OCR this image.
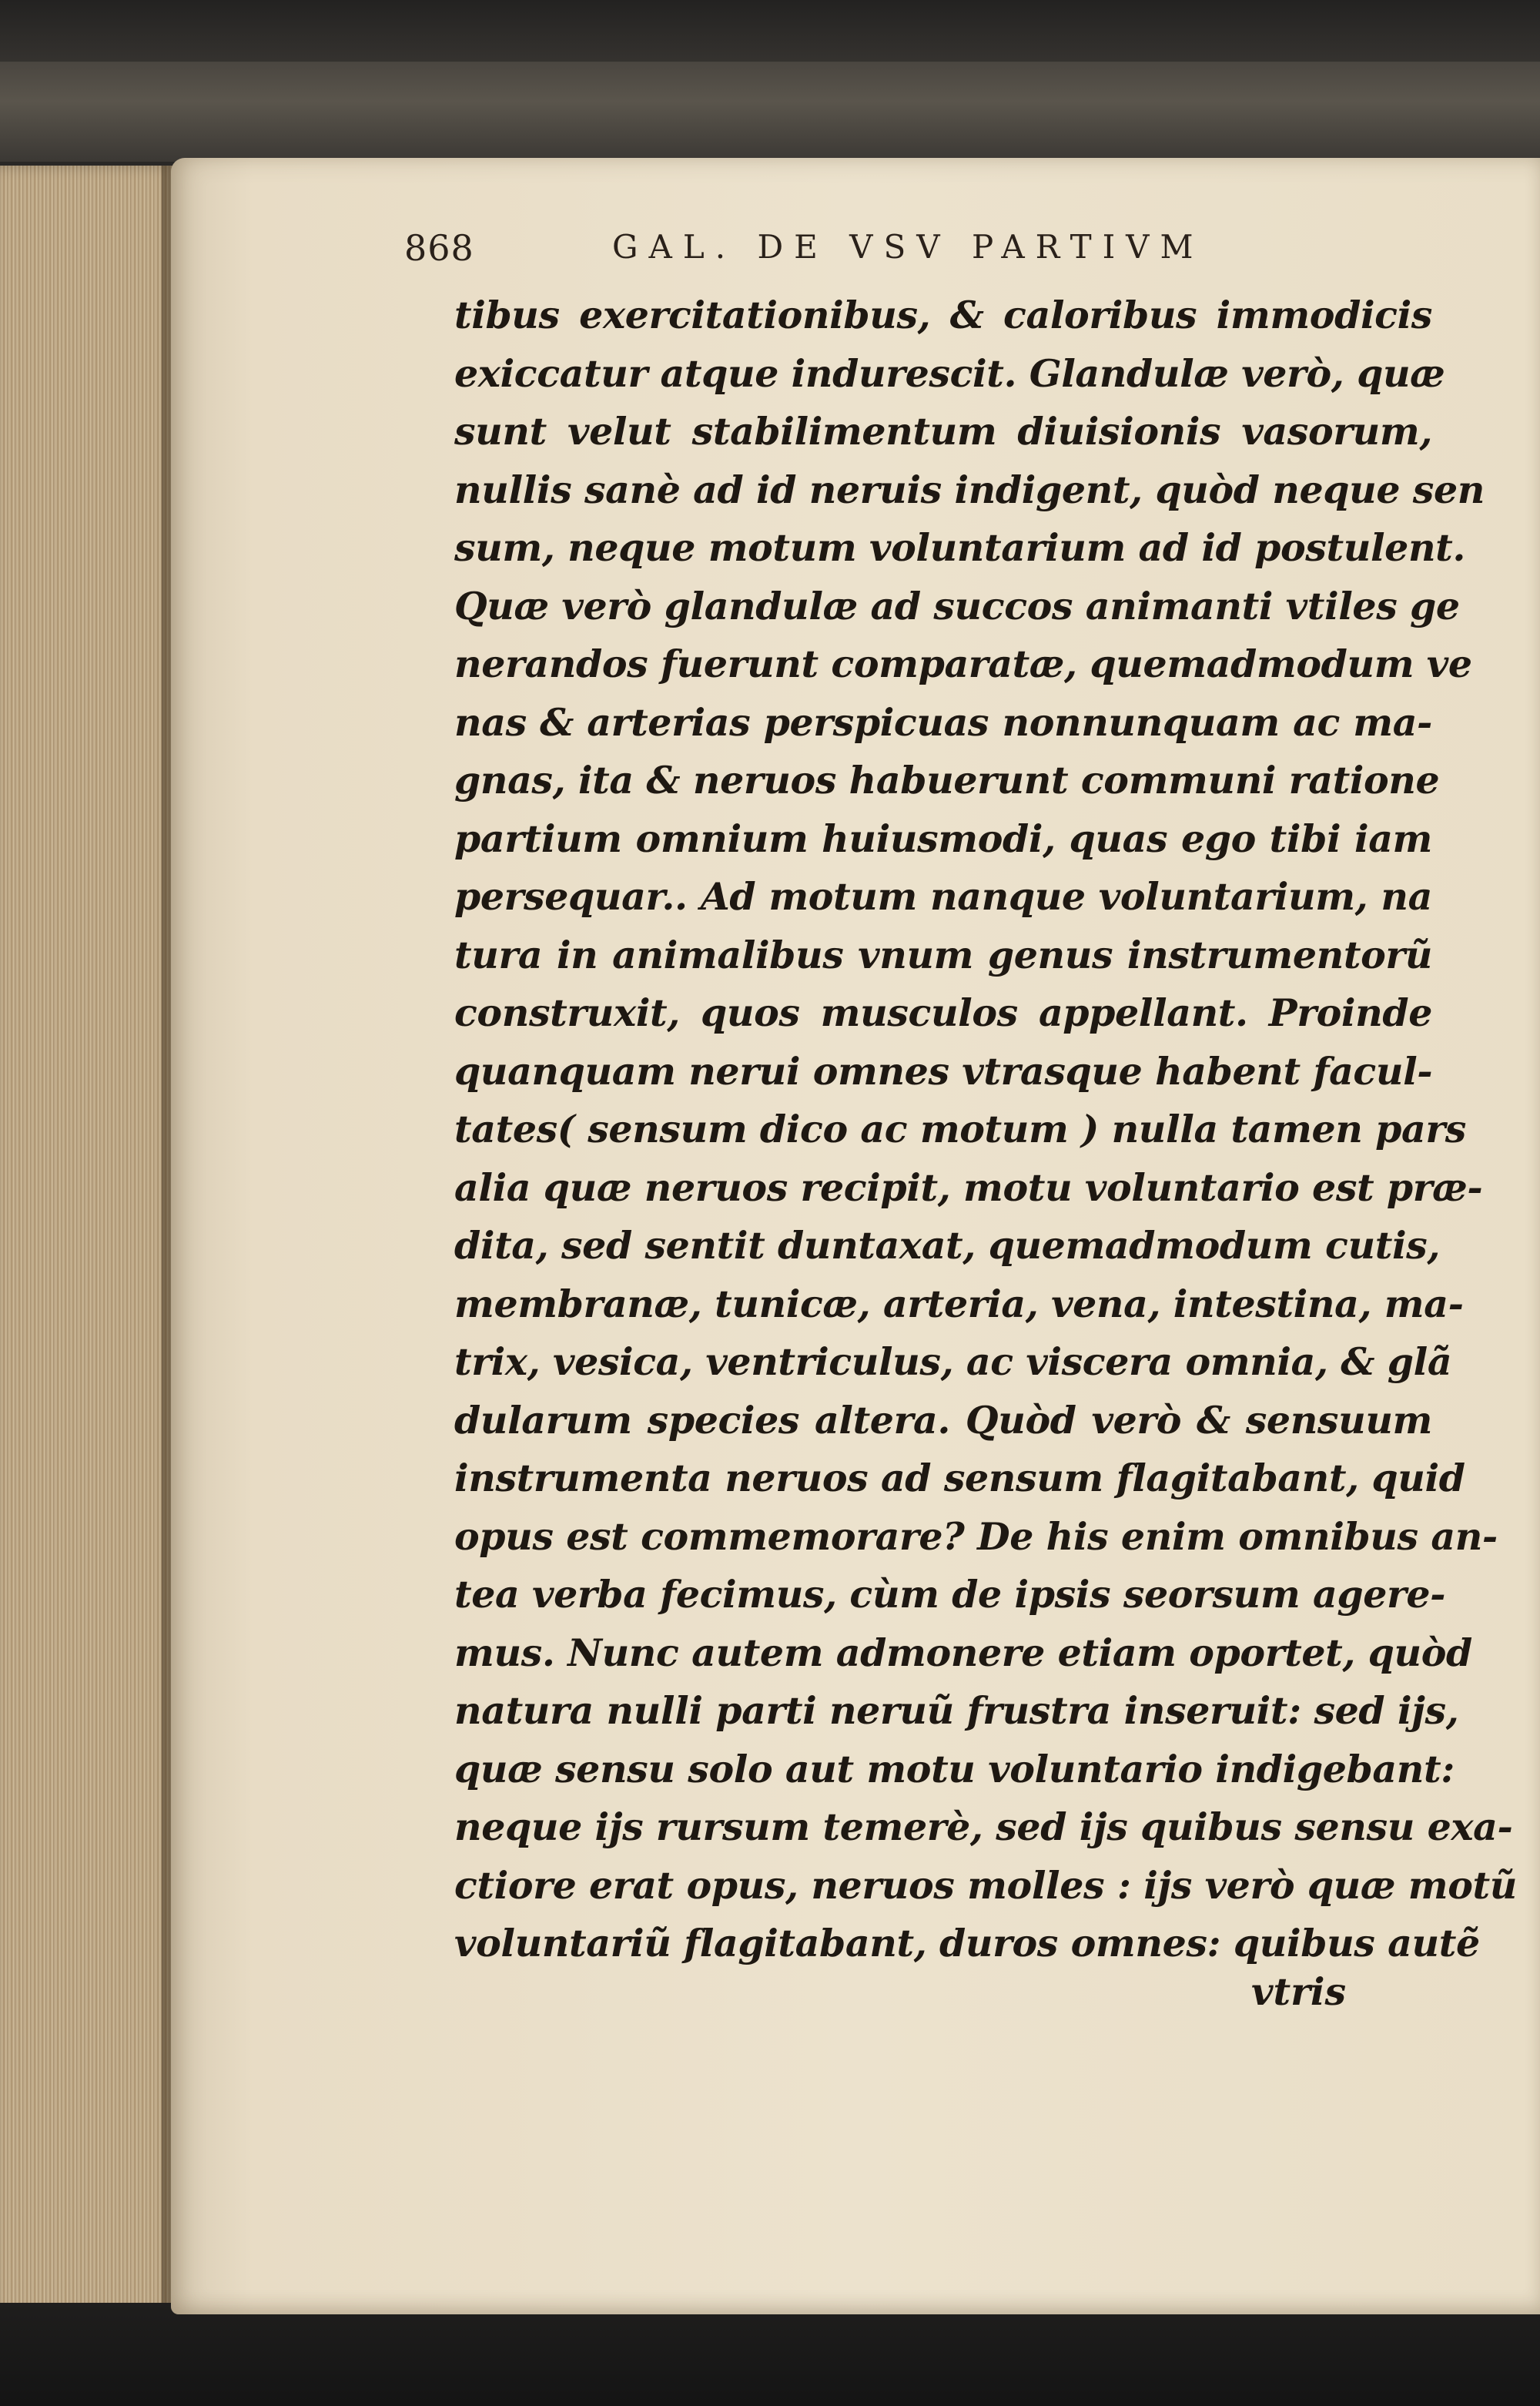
868	GAL. DE VSV PARTIVM
tibus exercitationibus, & caloribus immodicis
exiccatur atque indurescit. Glandulæ verò, quæ
sunt velut stabilimentum diuisionis vasorum,
nullis sanè ad id neruis indigent, quòd neque sen
sum, neque motum voluntarium ad id postulent.
Quæ verò glandulæ ad succos animanti vtiles ge
nerandos fuerunt comparatæ, quemadmodum ve
nas & arterias perspicuas nonnunquam ac ma-
gnas, ita & neruos habuerunt communi ratione
partium omnium huiusmodi, quas ego tibi iam
persequar.. Ad motum nanque voluntarium, na
tura in animalibus vnum genus instrumentorũ
construxit, quos musculos appellant. Proinde
quanquam nerui omnes vtrasque habent facul-
tates( sensum dico ac motum ) nulla tamen pars
alia quæ neruos recipit, motu voluntario est præ-
dita, sed sentit duntaxat, quemadmodum cutis,
membranæ, tunicæ, arteria, vena, intestina, ma-
trix, vesica, ventriculus, ac viscera omnia, & glã
dularum species altera. Quòd verò & sensuum
instrumenta neruos ad sensum flagitabant, quid
opus est commemorare? De his enim omnibus an-
tea verba fecimus, cùm de ipsis seorsum agere-
mus. Nunc autem admonere etiam oportet, quòd
natura nulli parti neruũ frustra inseruit: sed ijs,
quæ sensu solo aut motu voluntario indigebant:
neque ijs rursum temerè, sed ijs quibus sensu exa-
ctiore erat opus, neruos molles : ijs verò quæ motũ
voluntariũ flagitabant, duros omnes: quibus autẽ
vtris
